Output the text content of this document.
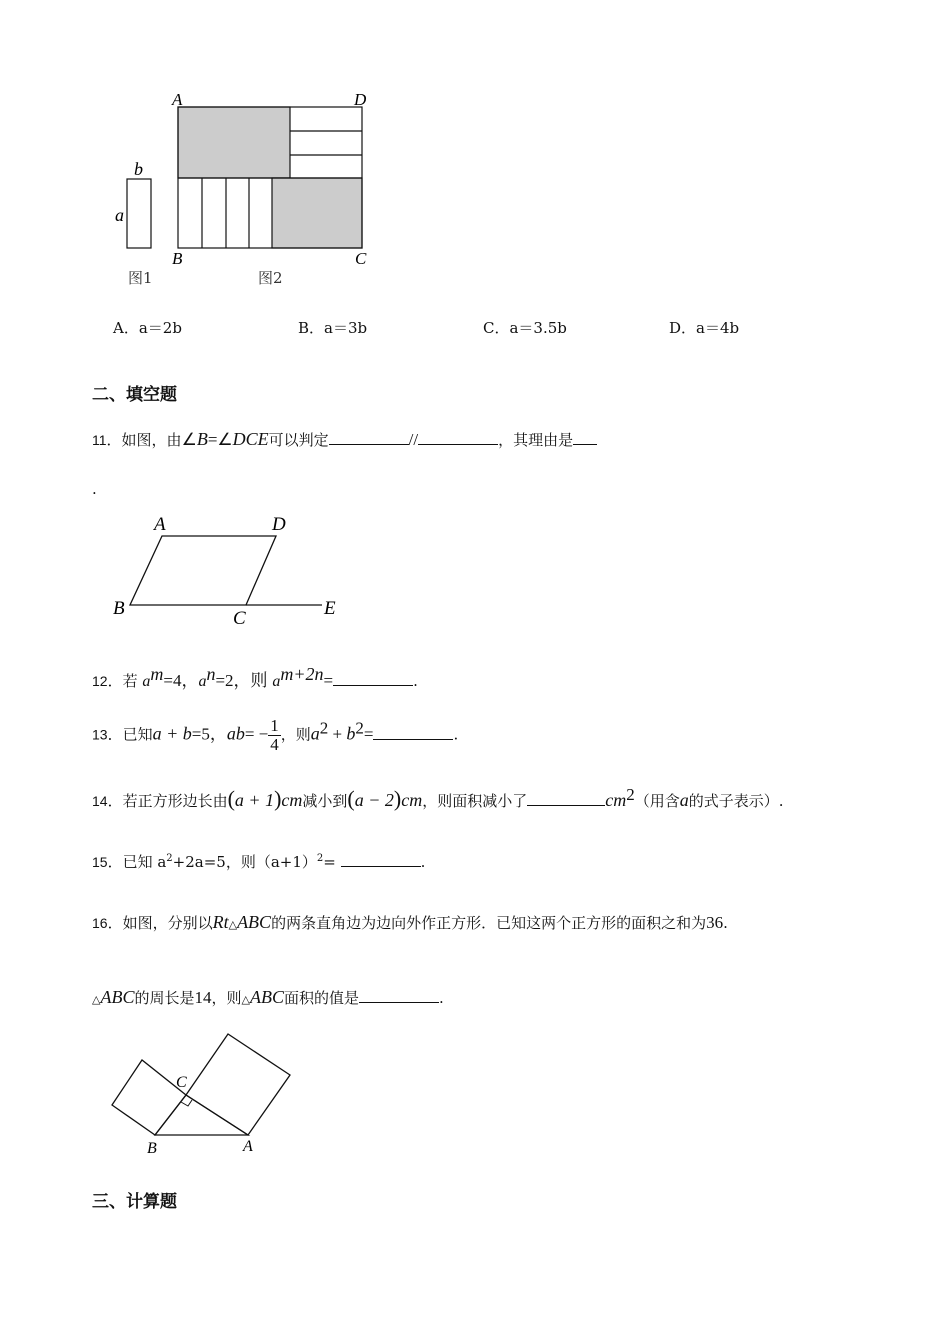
b
a
A	D
B	C
图1	图2
A．a＝2b	B．a＝3b	C．a＝3.5b	D．a＝4b
二、填空题
11．如图，由∠B=∠DCE可以判定	//	，其理由是
.
A	D
B	C	E
12．若 $a^m=4$，$a^n=2$，则 $a^{m+2n}=$	.
13．已知a + b=5，$ab= - \frac{1}{4}$ ，则$a^2 + b^2=$	.
14．若正方形边长由(a + 1)cm减小到(a − 2)cm，则面积减小了	$cm^2$（用含a的式子表示）.
15．已知 $a^2+2a=5$，则$(a+1)^2=$	.
16．如图，分别以Rt△ABC的两条直角边为边向外作正方形．已知这两个正方形的面积之和为36.
△ABC的周长是14，则△ABC面积的值是	.
C
B	A
三、计算题
